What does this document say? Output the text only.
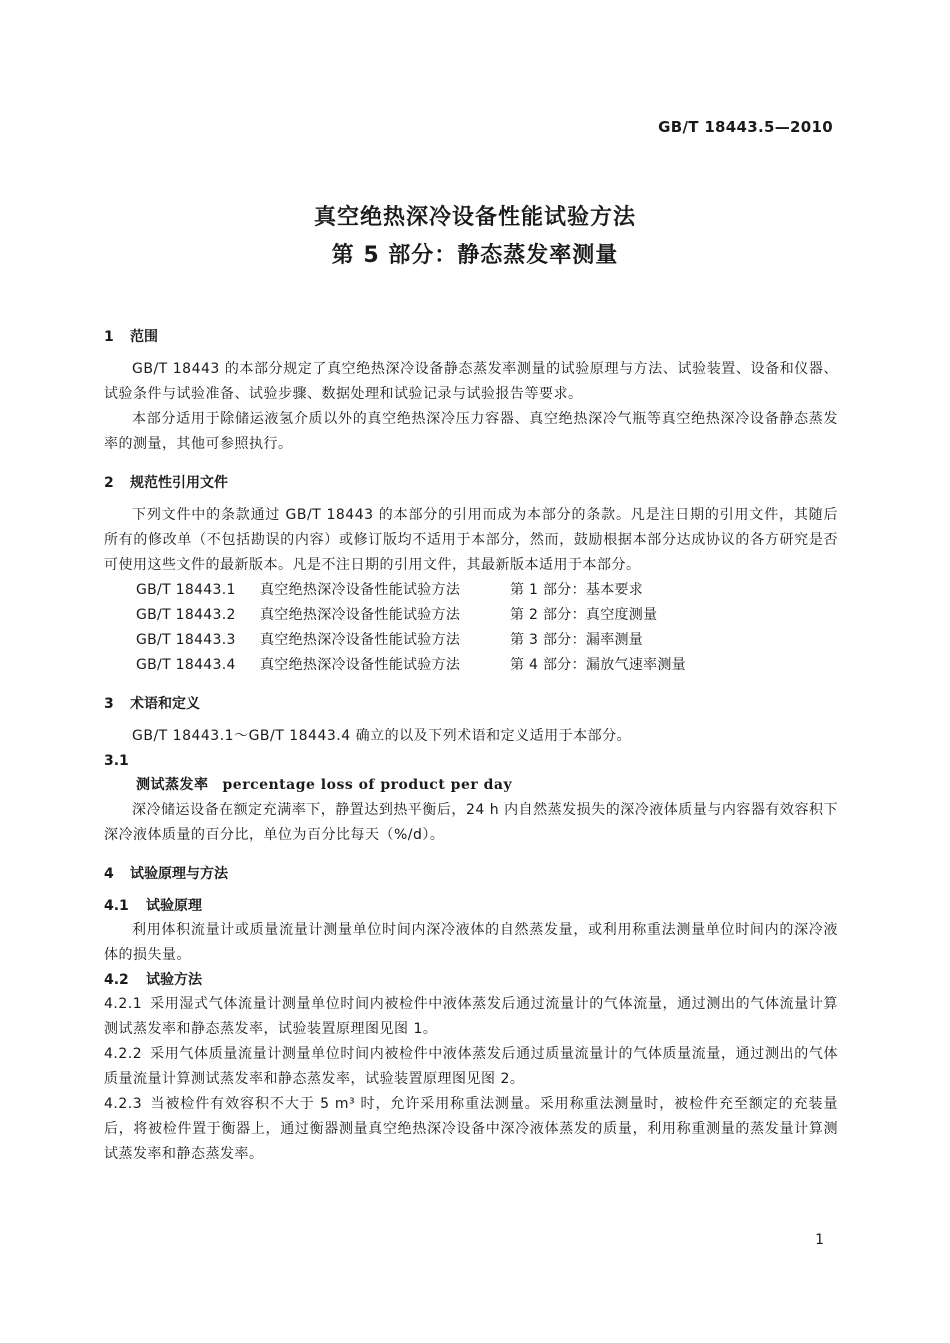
GB/T 18443.5—2010
真空绝热深冷设备性能试验方法
第 5 部分：静态蒸发率测量
1 范围

GB/T 18443 的本部分规定了真空绝热深冷设备静态蒸发率测量的试验原理与方法、试验装置、设备和仪器、试验条件与试验准备、试验步骤、数据处理和试验记录与试验报告等要求。

本部分适用于除储运液氢介质以外的真空绝热深冷压力容器、真空绝热深冷气瓶等真空绝热深冷设备静态蒸发率的测量，其他可参照执行。

2 规范性引用文件

下列文件中的条款通过 GB/T 18443 的本部分的引用而成为本部分的条款。凡是注日期的引用文件，其随后所有的修改单（不包括勘误的内容）或修订版均不适用于本部分，然而，鼓励根据本部分达成协议的各方研究是否可使用这些文件的最新版本。凡是不注日期的引用文件，其最新版本适用于本部分。

GB/T 18443.1 真空绝热深冷设备性能试验方法	第 1 部分：基本要求
GB/T 18443.2 真空绝热深冷设备性能试验方法	第 2 部分：真空度测量
GB/T 18443.3 真空绝热深冷设备性能试验方法	第 3 部分：漏率测量
GB/T 18443.4 真空绝热深冷设备性能试验方法	第 4 部分：漏放气速率测量
3 术语和定义

GB/T 18443.1～GB/T 18443.4 确立的以及下列术语和定义适用于本部分。

3.1

测试蒸发率 percentage loss of product per day

深冷储运设备在额定充满率下，静置达到热平衡后，24 h 内自然蒸发损失的深冷液体质量与内容器有效容积下深冷液体质量的百分比，单位为百分比每天（%/d）。

4 试验原理与方法
4.1 试验原理

利用体积流量计或质量流量计测量单位时间内深冷液体的自然蒸发量，或利用称重法测量单位时间内的深冷液体的损失量。

4.2 试验方法

4.2.1 采用湿式气体流量计测量单位时间内被检件中液体蒸发后通过流量计的气体流量，通过测出的气体流量计算测试蒸发率和静态蒸发率，试验装置原理图见图 1。

4.2.2 采用气体质量流量计测量单位时间内被检件中液体蒸发后通过质量流量计的气体质量流量，通过测出的气体质量流量计算测试蒸发率和静态蒸发率，试验装置原理图见图 2。

4.2.3 当被检件有效容积不大于 5 m³ 时，允许采用称重法测量。采用称重法测量时，被检件充至额定的充装量后，将被检件置于衡器上，通过衡器测量真空绝热深冷设备中深冷液体蒸发的质量，利用称重测量的蒸发量计算测试蒸发率和静态蒸发率。

1
